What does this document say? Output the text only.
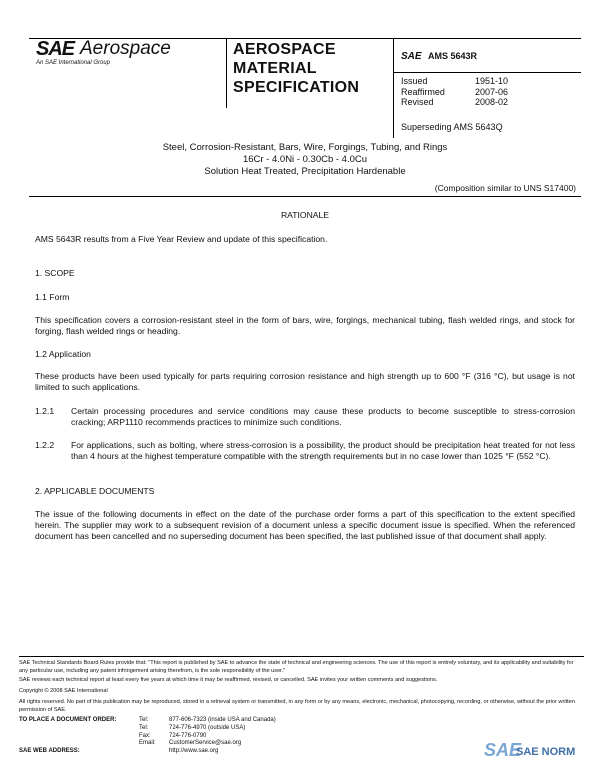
SAE Aerospace
An SAE International Group
AEROSPACE
MATERIAL
SPECIFICATION
SAE AMS 5643R
Issued	1951-10
Reaffirmed	2007-06
Revised	2008-02
Superseding AMS 5643Q
Steel, Corrosion-Resistant, Bars, Wire, Forgings, Tubing, and Rings
16Cr - 4.0Ni - 0.30Cb - 4.0Cu
Solution Heat Treated, Precipitation Hardenable
(Composition similar to UNS S17400)
RATIONALE
AMS 5643R results from a Five Year Review and update of this specification.
1. SCOPE
1.1 Form
This specification covers a corrosion-resistant steel in the form of bars, wire, forgings, mechanical tubing, flash welded rings, and stock for forging, flash welded rings or heading.
1.2 Application
These products have been used typically for parts requiring corrosion resistance and high strength up to 600 °F (316 °C), but usage is not limited to such applications.
1.2.1	Certain processing procedures and service conditions may cause these products to become susceptible to stress-corrosion cracking; ARP1110 recommends practices to minimize such conditions.
1.2.2	For applications, such as bolting, where stress-corrosion is a possibility, the product should be precipitation heat treated for not less than 4 hours at the highest temperature compatible with the strength requirements but in no case lower than 1025 °F (552 °C).
2. APPLICABLE DOCUMENTS
The issue of the following documents in effect on the date of the purchase order forms a part of this specification to the extent specified herein. The supplier may work to a subsequent revision of a document unless a specific document issue is specified. When the referenced document has been cancelled and no superseding document has been specified, the last published issue of that document shall apply.
SAE Technical Standards Board Rules provide that: "This report is published by SAE to advance the state of technical and engineering sciences. The use of this report is entirely voluntary, and its applicability and suitability for any particular use, including any patent infringement arising therefrom, is the sole responsibility of the user."
SAE reviews each technical report at least every five years at which time it may be reaffirmed, revised, or cancelled. SAE invites your written comments and suggestions.
Copyright © 2008 SAE International
All rights reserved. No part of this publication may be reproduced, stored in a retrieval system or transmitted, in any form or by any means, electronic, mechanical, photocopying, recording, or otherwise, without the prior written permission of SAE.
TO PLACE A DOCUMENT ORDER:	Tel:	877-606-7323 (inside USA and Canada)
Tel:	724-776-4970 (outside USA)
Fax:	724-776-0790
Email:	CustomerService@sae.org
SAE WEB ADDRESS:	http://www.sae.org	SAE
SAE NORM
